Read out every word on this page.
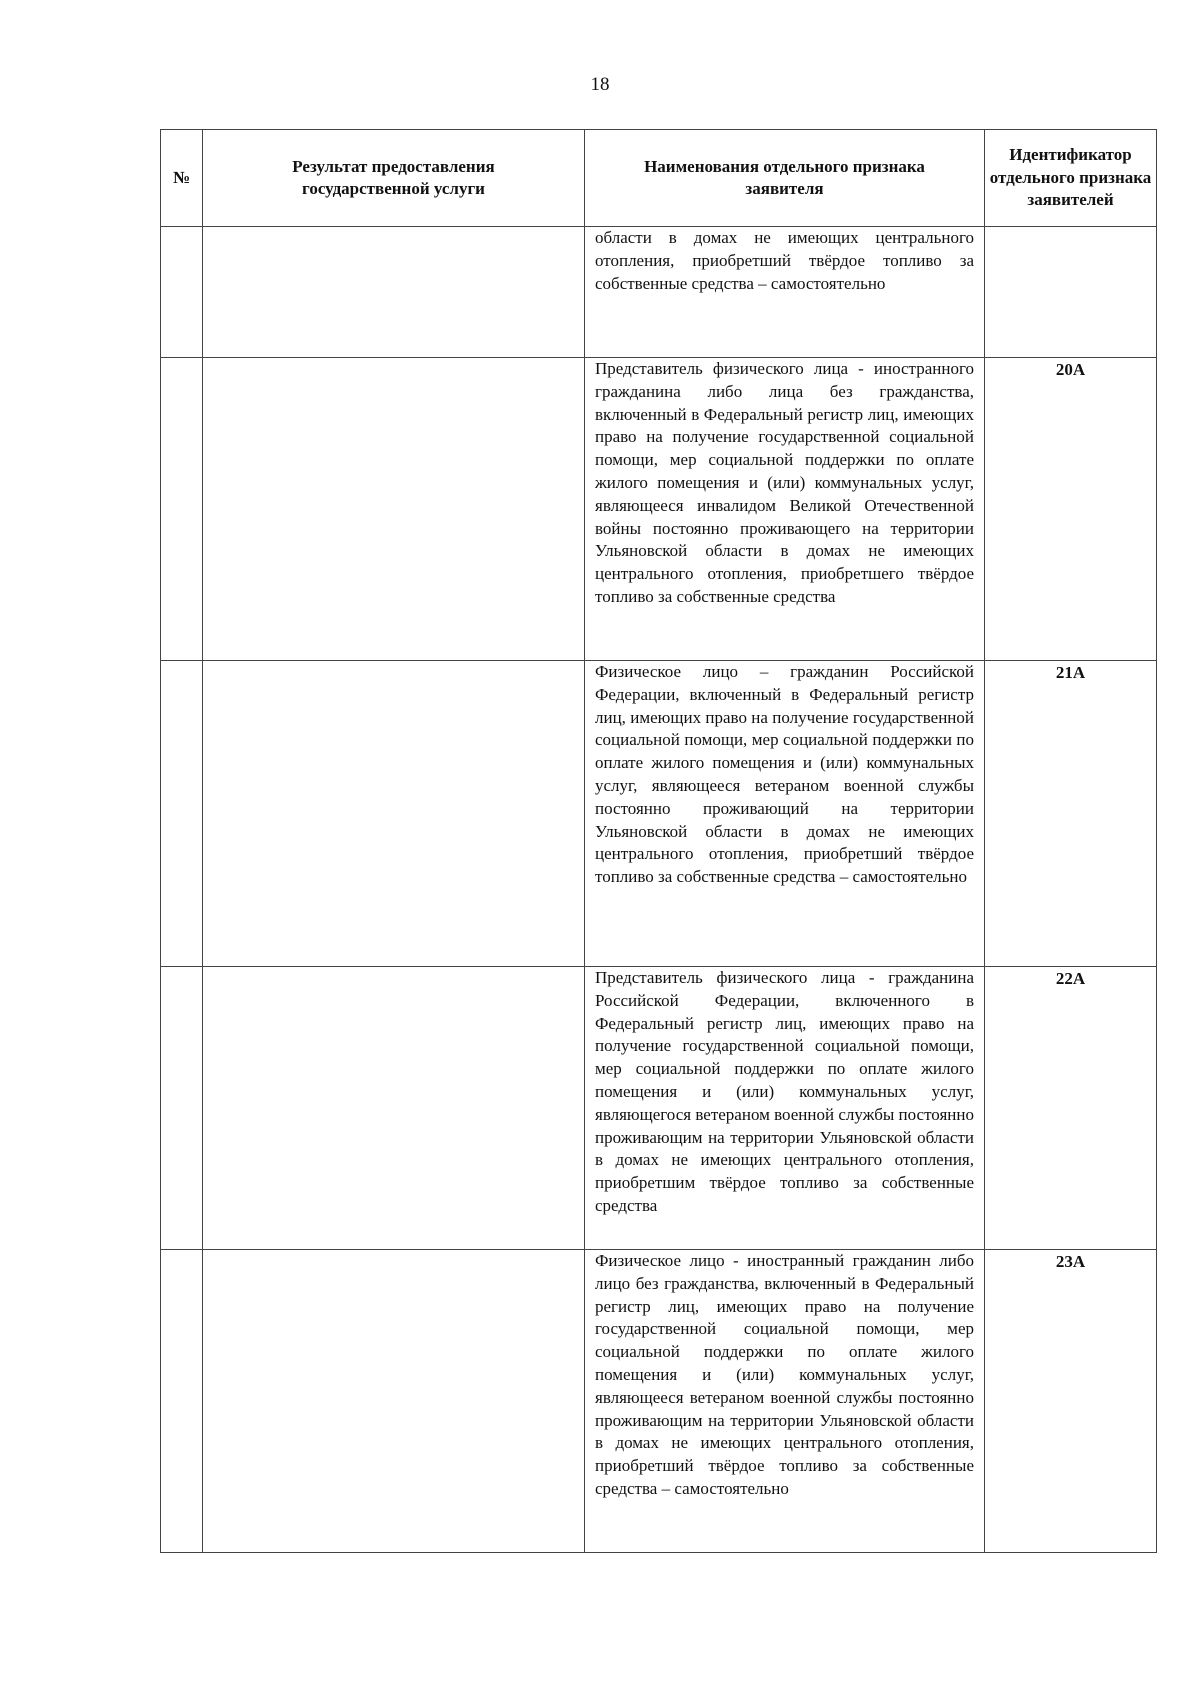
18
№	Результат предоставления государственной услуги	Наименования отдельного признака заявителя	Идентификатор отдельного признака заявителей

		области в домах не имеющих центрального отопления, приобретший твёрдое топливо за собственные средства – самостоятельно	

		Представитель физического лица - иностранного гражданина либо лица без гражданства, включенный в Федеральный регистр лиц, имеющих право на получение государственной социальной помощи, мер социальной поддержки по оплате жилого помещения и (или) коммунальных услуг, являющееся инвалидом Великой Отечественной войны постоянно проживающего на территории Ульяновской области в домах не имеющих центрального отопления, приобретшего твёрдое топливо за собственные средства	20А

		Физическое лицо – гражданин Российской Федерации, включенный в Федеральный регистр лиц, имеющих право на получение государственной социальной помощи, мер социальной поддержки по оплате жилого помещения и (или) коммунальных услуг, являющееся ветераном военной службы постоянно проживающий на территории Ульяновской области в домах не имеющих центрального отопления, приобретший твёрдое топливо за собственные средства – самостоятельно	21А

		Представитель физического лица - гражданина Российской Федерации, включенного в Федеральный регистр лиц, имеющих право на получение государственной социальной помощи, мер социальной поддержки по оплате жилого помещения и (или) коммунальных услуг, являющегося ветераном военной службы постоянно проживающим на территории Ульяновской области в домах не имеющих центрального отопления, приобретшим твёрдое топливо за собственные средства	22А

		Физическое лицо - иностранный гражданин либо лицо без гражданства, включенный в Федеральный регистр лиц, имеющих право на получение государственной социальной помощи, мер социальной поддержки по оплате жилого помещения и (или) коммунальных услуг, являющееся ветераном военной службы постоянно проживающим на территории Ульяновской области в домах не имеющих центрального отопления, приобретший твёрдое топливо за собственные средства – самостоятельно	23А
